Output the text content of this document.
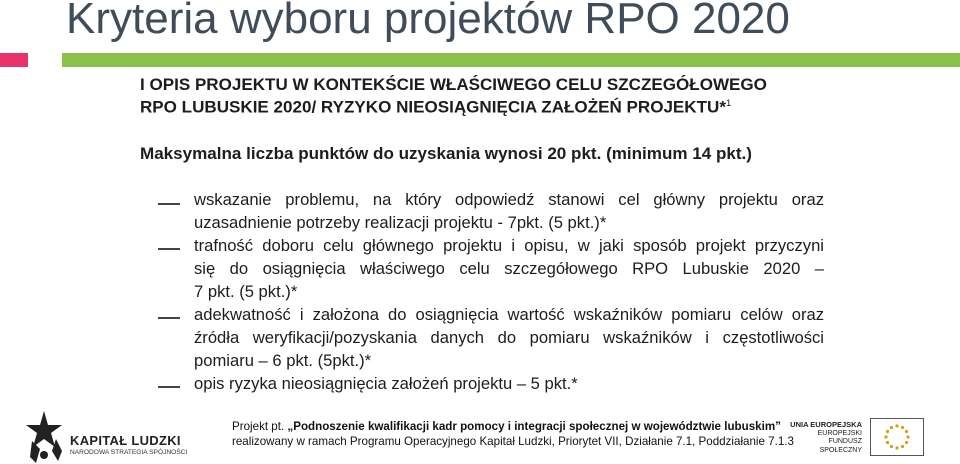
Kryteria wyboru projektów RPO 2020
I OPIS PROJEKTU W KONTEKŚCIE WŁAŚCIWEGO CELU SZCZEGÓŁOWEGO
RPO LUBUSKIE 2020/ RYZYKO NIEOSIĄGNIĘCIA ZAŁOŻEŃ PROJEKTU*$^1$
Maksymalna liczba punktów do uzyskania wynosi 20 pkt. (minimum 14 pkt.)
wskazanie problemu, na który odpowiedź stanowi cel główny projektu oraz
uzasadnienie potrzeby realizacji projektu - 7pkt. (5 pkt.)*
trafność doboru celu głównego projektu i opisu, w jaki sposób projekt przyczyni
się do osiągnięcia właściwego celu szczegółowego RPO Lubuskie 2020 –
7 pkt. (5 pkt.)*
adekwatność i założona do osiągnięcia wartość wskaźników pomiaru celów oraz
źródła weryfikacji/pozyskania danych do pomiaru wskaźników i częstotliwości
pomiaru – 6 pkt. (5pkt.)*
opis ryzyka nieosiągnięcia założeń projektu – 5 pkt.*
KAPITAŁ LUDZKI
NARODOWA STRATEGIA SPÓJNOŚCI
Projekt pt. „Podnoszenie kwalifikacji kadr pomocy i integracji społecznej w województwie lubuskim”
realizowany w ramach Programu Operacyjnego Kapitał Ludzki, Priorytet VII, Działanie 7.1, Poddziałanie 7.1.3
UNIA EUROPEJSKA
EUROPEJSKI
FUNDUSZ SPOŁECZNY
